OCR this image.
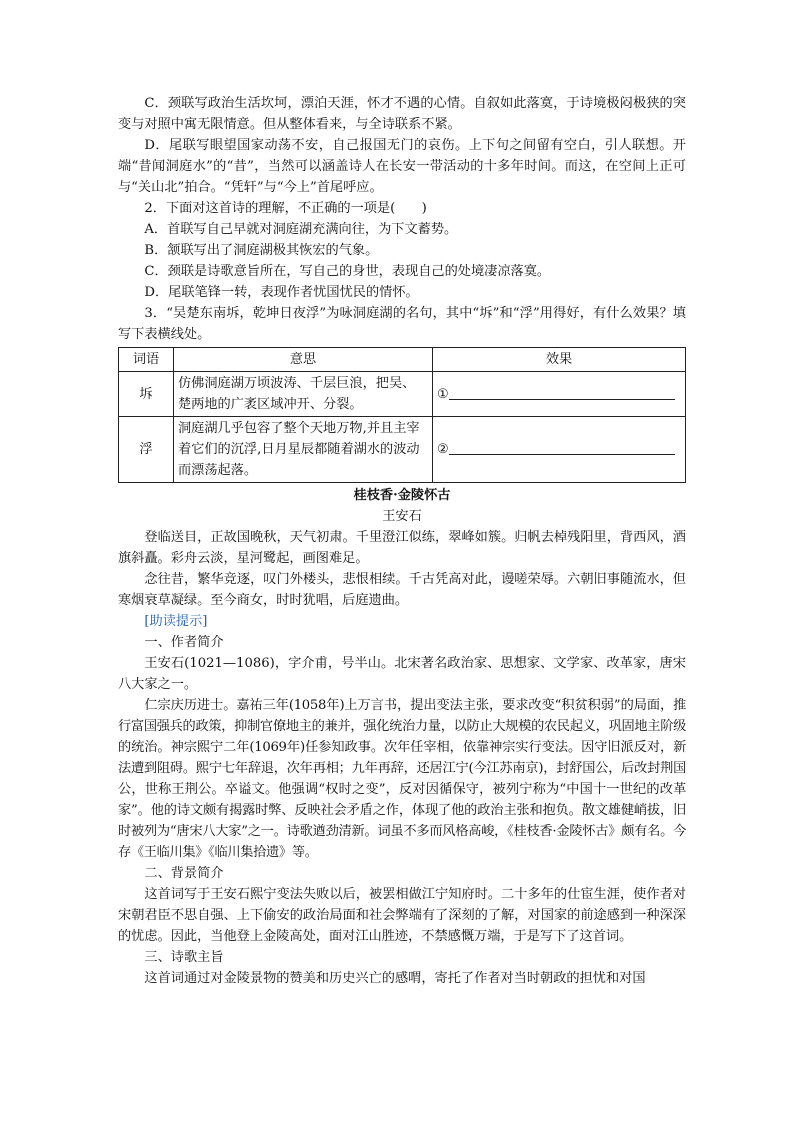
C．颈联写政治生活坎坷，漂泊天涯，怀才不遇的心情。自叙如此落寞，于诗境极闷极狭的突变与对照中寓无限情意。但从整体看来，与全诗联系不紧。

D．尾联写眼望国家动荡不安，自己报国无门的哀伤。上下句之间留有空白，引人联想。开端“昔闻洞庭水”的“昔”，当然可以涵盖诗人在长安一带活动的十多年时间。而这，在空间上正可与“关山北”拍合。“凭轩”与“今上”首尾呼应。

2．下面对这首诗的理解，不正确的一项是(　　)

A．首联写自己早就对洞庭湖充满向往，为下文蓄势。

B．颔联写出了洞庭湖极其恢宏的气象。

C．颈联是诗歌意旨所在，写自己的身世，表现自己的处境凄凉落寞。

D．尾联笔锋一转，表现作者忧国忧民的情怀。

3．“吴楚东南坼，乾坤日夜浮”为咏洞庭湖的名句，其中“坼”和“浮”用得好，有什么效果？填写下表横线处。

词语	意思	效果
坼	仿佛洞庭湖万顷波涛、千层巨浪，把吴、楚两地的广袤区域冲开、分裂。	①
浮	洞庭湖几乎包容了整个天地万物,并且主宰着它们的沉浮,日月星辰都随着湖水的波动而漂荡起落。	②

桂枝香·金陵怀古

王安石

登临送目，正故国晚秋，天气初肃。千里澄江似练，翠峰如簇。归帆去棹残阳里，背西风，酒旗斜矗。彩舟云淡，星河鹭起，画图难足。

念往昔，繁华竞逐，叹门外楼头，悲恨相续。千古凭高对此，谩嗟荣辱。六朝旧事随流水，但寒烟衰草凝绿。至今商女，时时犹唱，后庭遗曲。

[助读提示]

一、作者简介

王安石(1021—1086)，字介甫，号半山。北宋著名政治家、思想家、文学家、改革家，唐宋八大家之一。

仁宗庆历进士。嘉祐三年(1058年)上万言书，提出变法主张，要求改变“积贫积弱”的局面，推行富国强兵的政策，抑制官僚地主的兼并，强化统治力量，以防止大规模的农民起义，巩固地主阶级的统治。神宗熙宁二年(1069年)任参知政事。次年任宰相，依靠神宗实行变法。因守旧派反对，新法遭到阻碍。熙宁七年辞退，次年再相；九年再辞，还居江宁(今江苏南京)，封舒国公，后改封荆国公，世称王荆公。卒谥文。他强调“权时之变”，反对因循保守，被列宁称为“中国十一世纪的改革家”。他的诗文颇有揭露时弊、反映社会矛盾之作，体现了他的政治主张和抱负。散文雄健峭拔，旧时被列为“唐宋八大家”之一。诗歌遒劲清新。词虽不多而风格高峻，《桂枝香·金陵怀古》颇有名。今存《王临川集》《临川集拾遗》等。

二、背景简介

这首词写于王安石熙宁变法失败以后，被罢相做江宁知府时。二十多年的仕宦生涯，使作者对宋朝君臣不思自强、上下偷安的政治局面和社会弊端有了深刻的了解，对国家的前途感到一种深深的忧虑。因此，当他登上金陵高处，面对江山胜迹，不禁感慨万端，于是写下了这首词。

三、诗歌主旨

这首词通过对金陵景物的赞美和历史兴亡的感喟，寄托了作者对当时朝政的担忧和对国
